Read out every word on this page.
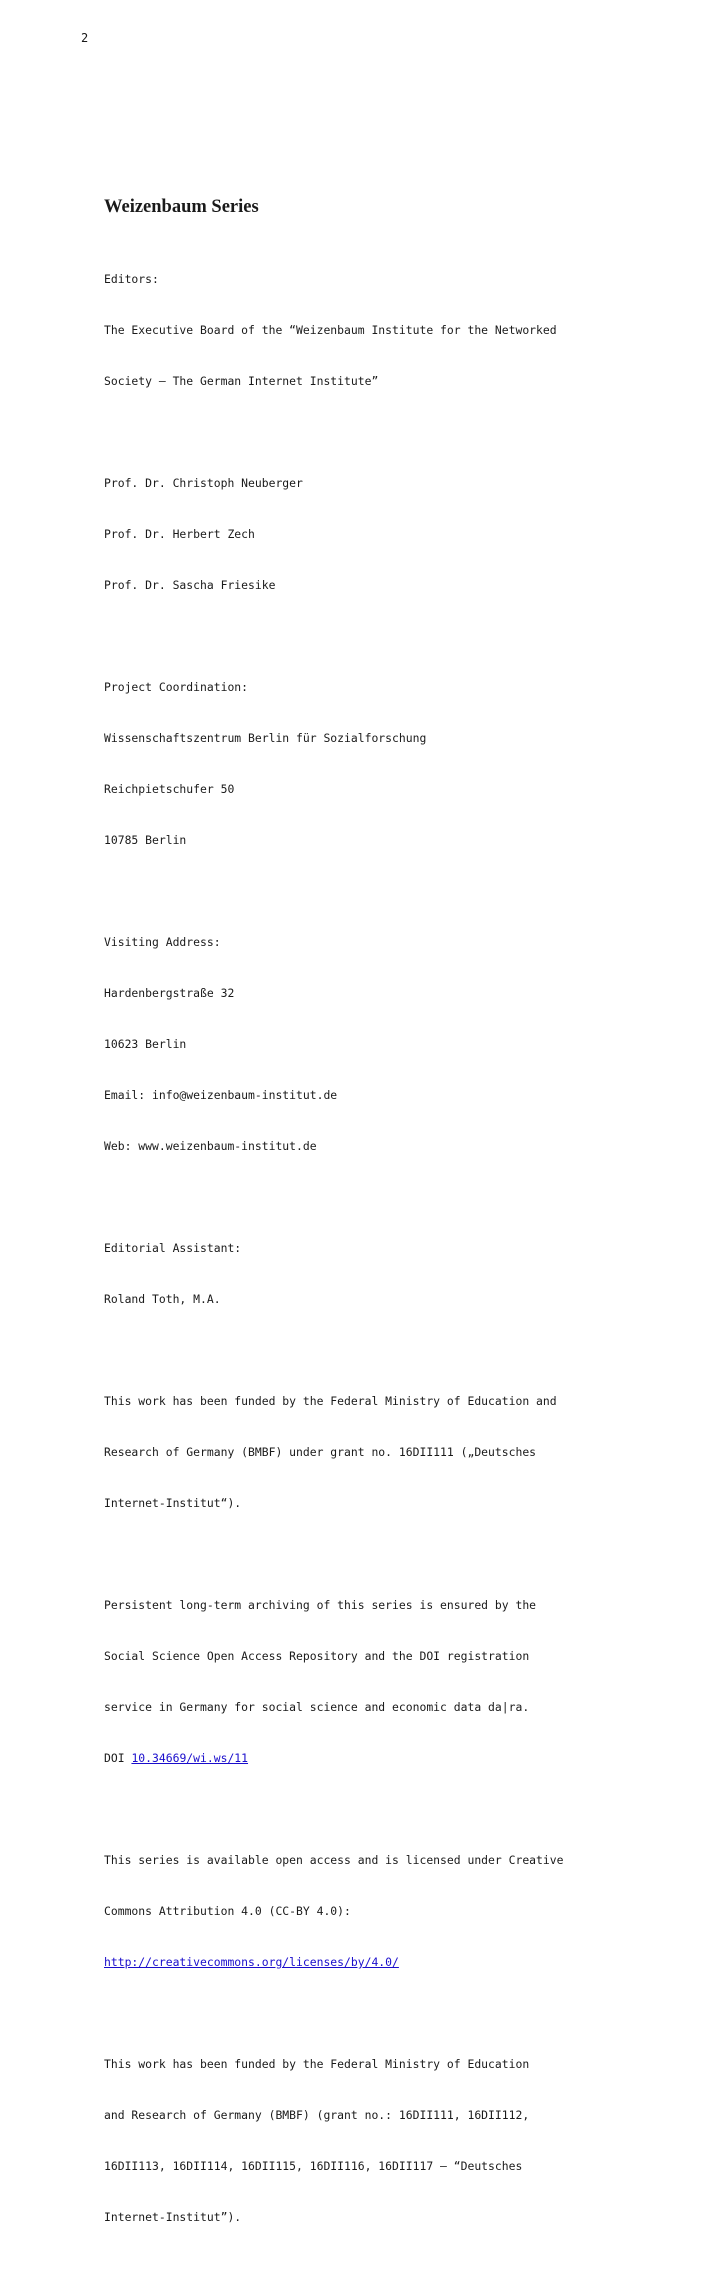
2
Weizenbaum Series

Editors:

The Executive Board of the “Weizenbaum Institute for the Networked

Society – The German Internet Institute”

Prof. Dr. Christoph Neuberger

Prof. Dr. Herbert Zech

Prof. Dr. Sascha Friesike

Project Coordination:

Wissenschaftszentrum Berlin für Sozialforschung

Reichpietschufer 50

10785 Berlin

Visiting Address:

Hardenbergstraße 32

10623 Berlin

Email: info@weizenbaum-institut.de

Web: www.weizenbaum-institut.de

Editorial Assistant:

Roland Toth, M.A.

This work has been funded by the Federal Ministry of Education and

Research of Germany (BMBF) under grant no. 16DII111 („Deutsches

Internet-Institut“).

Persistent long-term archiving of this series is ensured by the

Social Science Open Access Repository and the DOI registration

service in Germany for social science and economic data da|ra.

DOI 10.34669/wi.ws/11

This series is available open access and is licensed under Creative

Commons Attribution 4.0 (CC-BY 4.0):

http://creativecommons.org/licenses/by/4.0/

This work has been funded by the Federal Ministry of Education

and Research of Germany (BMBF) (grant no.: 16DII111, 16DII112,

16DII113, 16DII114, 16DII115, 16DII116, 16DII117 – “Deutsches

Internet-Institut”).
